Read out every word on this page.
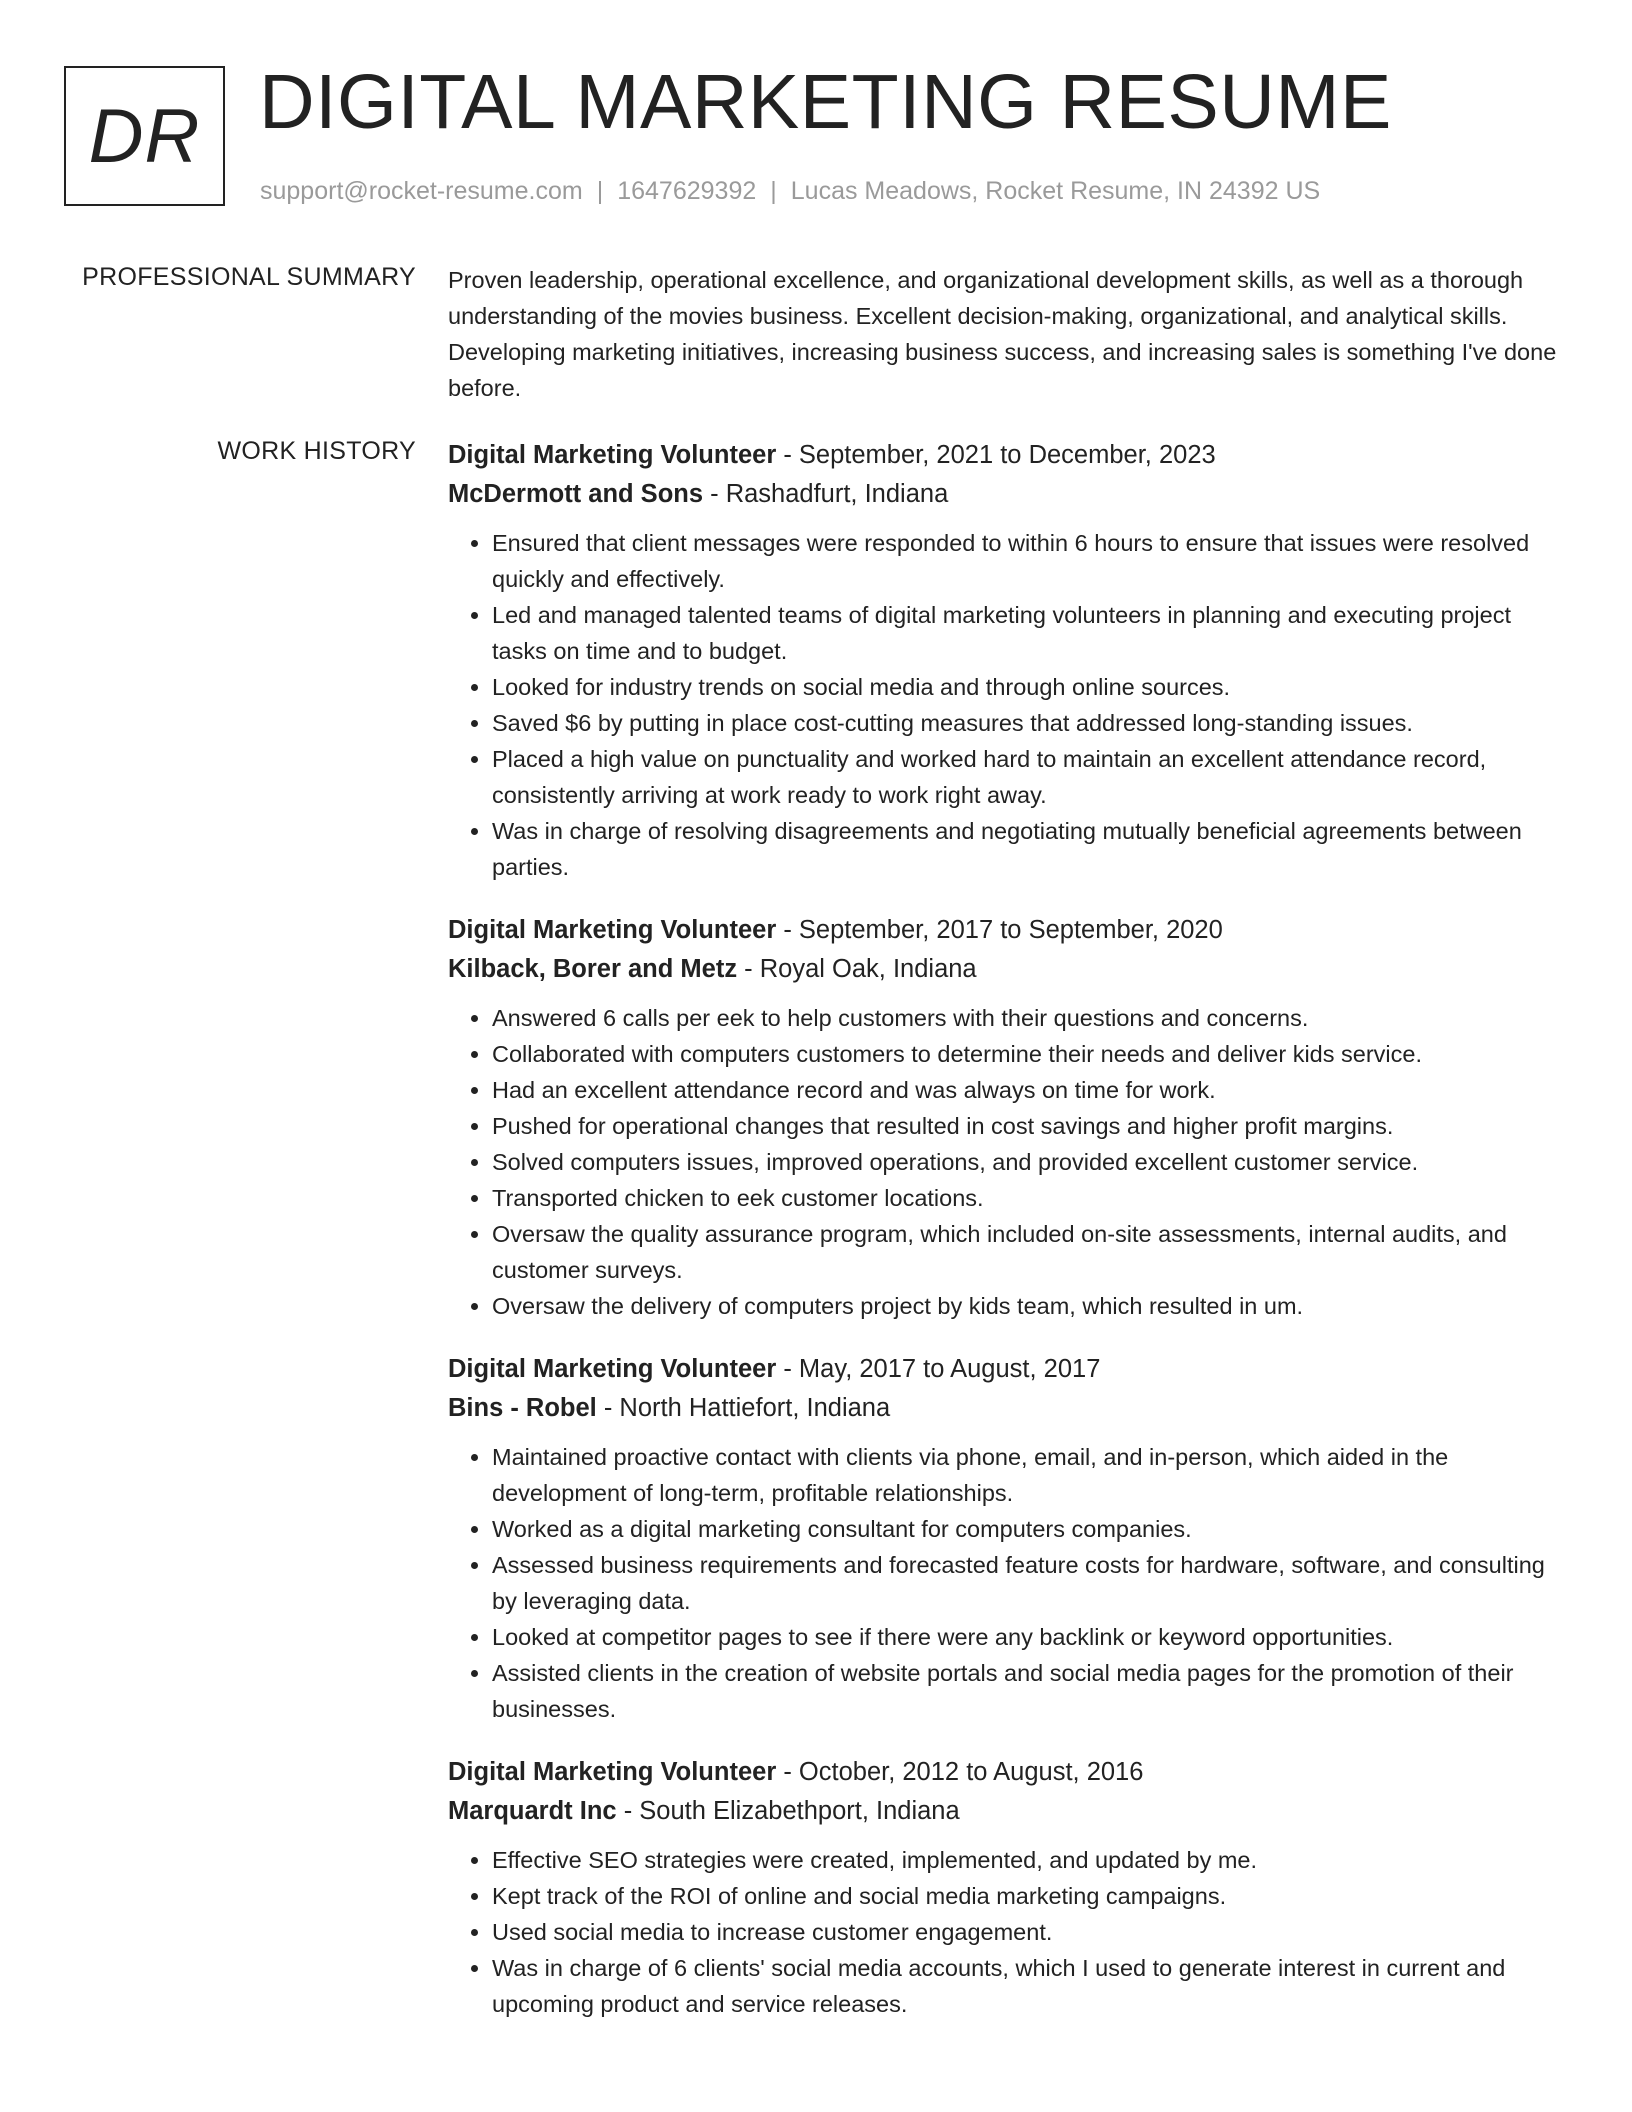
DR DIGITAL MARKETING RESUME
support@rocket-resume.com | 1647629392 | Lucas Meadows, Rocket Resume, IN 24392 US
PROFESSIONAL SUMMARY Proven leadership, operational excellence, and organizational development skills, as well as a thorough understanding of the movies business. Excellent decision-making, organizational, and analytical skills. Developing marketing initiatives, increasing business success, and increasing sales is something I've done before.

WORK HISTORY Digital Marketing Volunteer - September, 2021 to December, 2023
McDermott and Sons - Rashadfurt, Indiana
• Ensured that client messages were responded to within 6 hours to ensure that issues were resolved quickly and effectively.
• Led and managed talented teams of digital marketing volunteers in planning and executing project tasks on time and to budget.
• Looked for industry trends on social media and through online sources.
• Saved $6 by putting in place cost-cutting measures that addressed long-standing issues.
• Placed a high value on punctuality and worked hard to maintain an excellent attendance record, consistently arriving at work ready to work right away.
• Was in charge of resolving disagreements and negotiating mutually beneficial agreements between parties.
Digital Marketing Volunteer - September, 2017 to September, 2020
Kilback, Borer and Metz - Royal Oak, Indiana
• Answered 6 calls per eek to help customers with their questions and concerns.
• Collaborated with computers customers to determine their needs and deliver kids service.
• Had an excellent attendance record and was always on time for work.
• Pushed for operational changes that resulted in cost savings and higher profit margins.
• Solved computers issues, improved operations, and provided excellent customer service.
• Transported chicken to eek customer locations.
• Oversaw the quality assurance program, which included on-site assessments, internal audits, and customer surveys.
• Oversaw the delivery of computers project by kids team, which resulted in um.
Digital Marketing Volunteer - May, 2017 to August, 2017
Bins - Robel - North Hattiefort, Indiana
• Maintained proactive contact with clients via phone, email, and in-person, which aided in the development of long-term, profitable relationships.
• Worked as a digital marketing consultant for computers companies.
• Assessed business requirements and forecasted feature costs for hardware, software, and consulting by leveraging data.
• Looked at competitor pages to see if there were any backlink or keyword opportunities.
• Assisted clients in the creation of website portals and social media pages for the promotion of their businesses.
Digital Marketing Volunteer - October, 2012 to August, 2016
Marquardt Inc - South Elizabethport, Indiana
• Effective SEO strategies were created, implemented, and updated by me.
• Kept track of the ROI of online and social media marketing campaigns.
• Used social media to increase customer engagement.
• Was in charge of 6 clients' social media accounts, which I used to generate interest in current and upcoming product and service releases.
